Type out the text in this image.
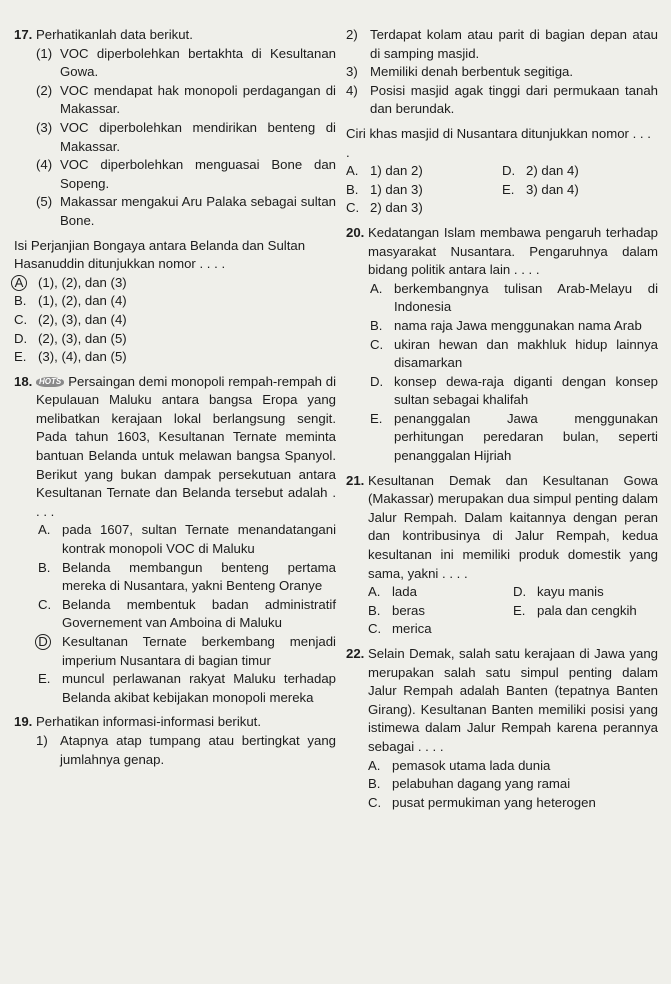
17. Perhatikanlah data berikut.
(1) VOC diperbolehkan bertakhta di Kesultanan Gowa.
(2) VOC mendapat hak monopoli perdagangan di Makassar.
(3) VOC diperbolehkan mendirikan benteng di Makassar.
(4) VOC diperbolehkan menguasai Bone dan Sopeng.
(5) Makassar mengakui Aru Palaka sebagai sultan Bone.
Isi Perjanjian Bongaya antara Belanda dan Sultan Hasanuddin ditunjukkan nomor . . . .
A	(1), (2), dan (3)
B. (1), (2), dan (4)
C. (2), (3), dan (4)
D. (2), (3), dan (5)
E. (3), (4), dan (5)
18. HOTS Persaingan demi monopoli rempah-rempah di Kepulauan Maluku antara bangsa Eropa yang melibatkan kerajaan lokal berlangsung sengit. Pada tahun 1603, Kesultanan Ternate meminta bantuan Belanda untuk melawan bangsa Spanyol. Berikut yang bukan dampak persekutuan antara Kesultanan Ternate dan Belanda tersebut adalah . . . .
A. pada 1607, sultan Ternate menandatangani kontrak monopoli VOC di Maluku
B. Belanda membangun benteng pertama mereka di Nusantara, yakni Benteng Oranye
C. Belanda membentuk badan administratif Governement van Amboina di Maluku
D	Kesultanan Ternate berkembang menjadi imperium Nusantara di bagian timur
E. muncul perlawanan rakyat Maluku terhadap Belanda akibat kebijakan monopoli mereka
19. Perhatikan informasi-informasi berikut.
1) Atapnya atap tumpang atau bertingkat yang jumlahnya genap.
2) Terdapat kolam atau parit di bagian depan atau di samping masjid.
3) Memiliki denah berbentuk segitiga.
4) Posisi masjid agak tinggi dari permukaan tanah dan berundak.
Ciri khas masjid di Nusantara ditunjukkan nomor . . . .
A. 1) dan 2)	D. 2) dan 4)
B. 1) dan 3)	E. 3) dan 4)
C. 2) dan 3)
20. Kedatangan Islam membawa pengaruh terhadap masyarakat Nusantara. Pengaruhnya dalam bidang politik antara lain . . . .
A. berkembangnya tulisan Arab-Melayu di Indonesia
B. nama raja Jawa menggunakan nama Arab
C. ukiran hewan dan makhluk hidup lainnya disamarkan
D. konsep dewa-raja diganti dengan konsep sultan sebagai khalifah
E. penanggalan Jawa menggunakan perhitungan peredaran bulan, seperti penanggalan Hijriah
21. Kesultanan Demak dan Kesultanan Gowa (Makassar) merupakan dua simpul penting dalam Jalur Rempah. Dalam kaitannya dengan peran dan kontribusinya di Jalur Rempah, kedua kesultanan ini memiliki produk domestik yang sama, yakni . . . .
A. lada	D. kayu manis
B. beras	E. pala dan cengkih
C. merica
22. Selain Demak, salah satu kerajaan di Jawa yang merupakan salah satu simpul penting dalam Jalur Rempah adalah Banten (tepatnya Banten Girang). Kesultanan Banten memiliki posisi yang istimewa dalam Jalur Rempah karena perannya sebagai . . . .
A. pemasok utama lada dunia
B. pelabuhan dagang yang ramai
C. pusat permukiman yang heterogen
